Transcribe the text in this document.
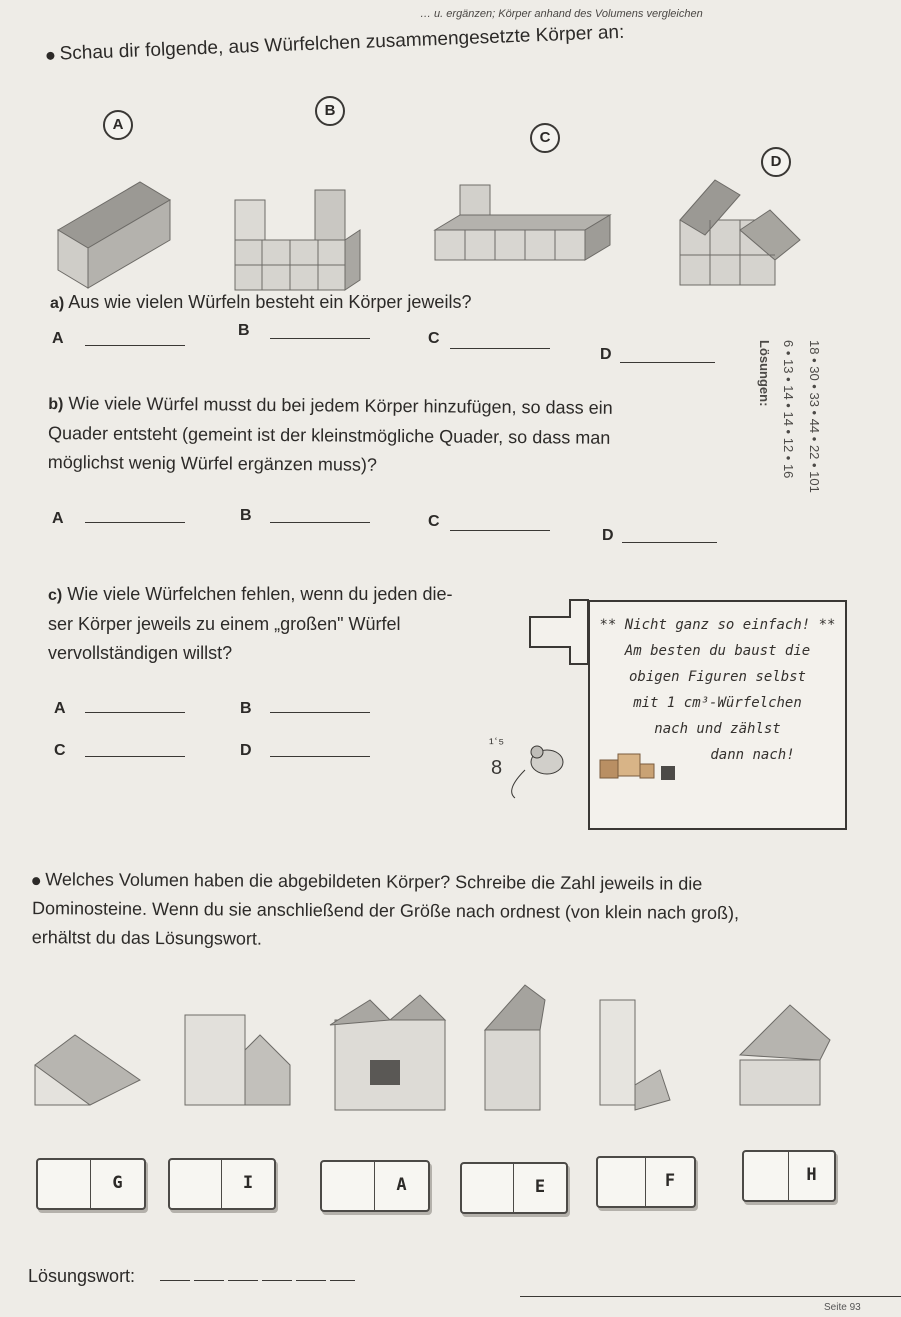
… u. ergänzen; Körper anhand des Volumens vergleichen
Schau dir folgende, aus Würfelchen zusammengesetzte Körper an:
A
B
C
D
a) Aus wie vielen Würfeln besteht ein Körper jeweils?
A	B	C
D
b) Wie viele Würfel musst du bei jedem Körper hinzufügen, so dass ein
Quader entsteht (gemeint ist der kleinstmögliche Quader, so dass man
möglichst wenig Würfel ergänzen muss)?
A	B	C
D
Lösungen: 6 • 13 • 14 • 14 • 12 • 16 18 • 30 • 33 • 44 • 22 • 101
c) Wie viele Würfelchen fehlen, wenn du jeden die-
ser Körper jeweils zu einem „großen" Würfel
vervollständigen willst?
A	B
C	D
** Nicht ganz so einfach! **
Am besten du baust die
obigen Figuren selbst
mit 1 cm³-Würfelchen
nach und zählst
dann nach!
¹ʿ⁵
8
Welches Volumen haben die abgebildeten Körper? Schreibe die Zahl jeweils in die
Dominosteine. Wenn du sie anschließend der Größe nach ordnest (von klein nach groß),
erhältst du das Lösungswort.
G	I	A	E	F	H
Lösungswort:
Seite 93
